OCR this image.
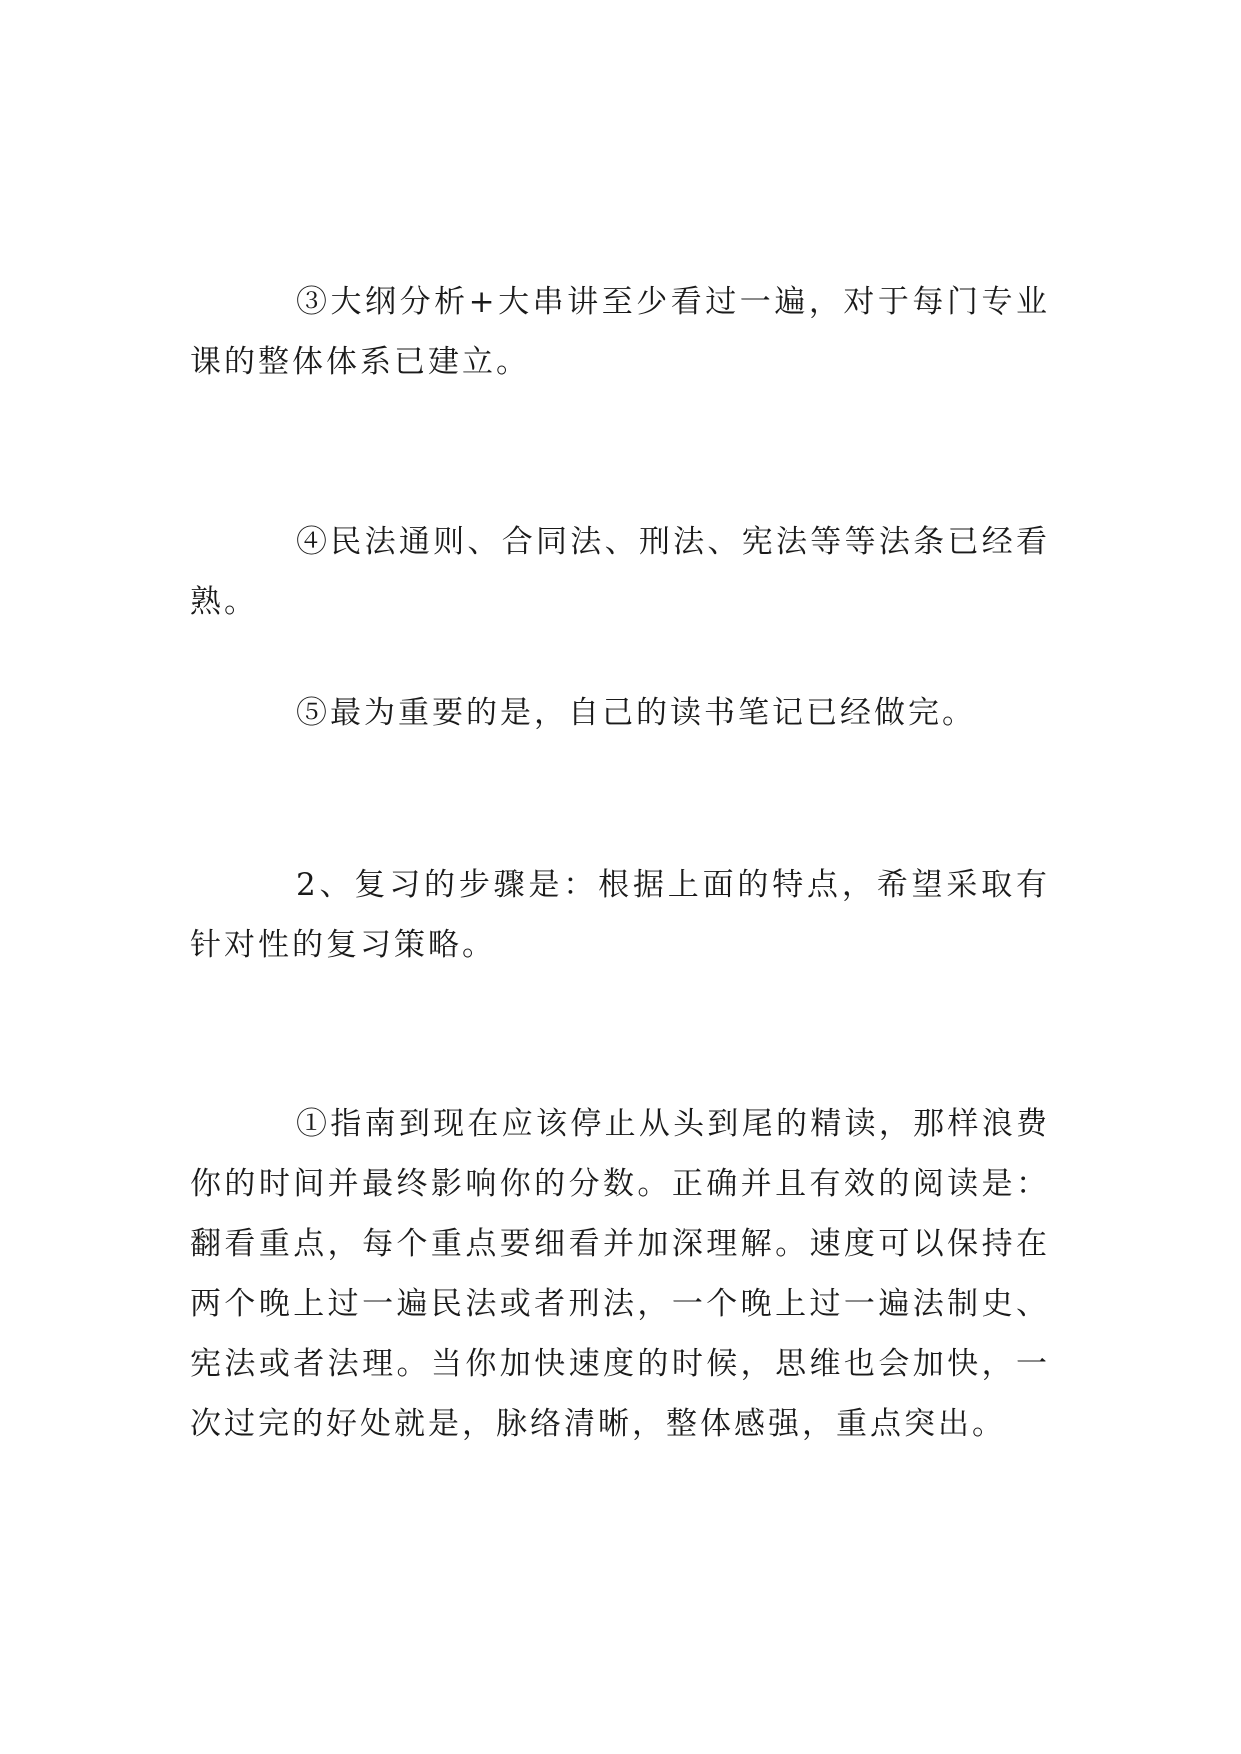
③大纲分析+大串讲至少看过一遍，对于每门专业课的整体体系已建立。

④民法通则、合同法、刑法、宪法等等法条已经看熟。

⑤最为重要的是，自己的读书笔记已经做完。

2、复习的步骤是：根据上面的特点，希望采取有针对性的复习策略。

①指南到现在应该停止从头到尾的精读，那样浪费你的时间并最终影响你的分数。正确并且有效的阅读是：翻看重点，每个重点要细看并加深理解。速度可以保持在两个晚上过一遍民法或者刑法，一个晚上过一遍法制史、宪法或者法理。当你加快速度的时候，思维也会加快，一次过完的好处就是，脉络清晰，整体感强，重点突出。
